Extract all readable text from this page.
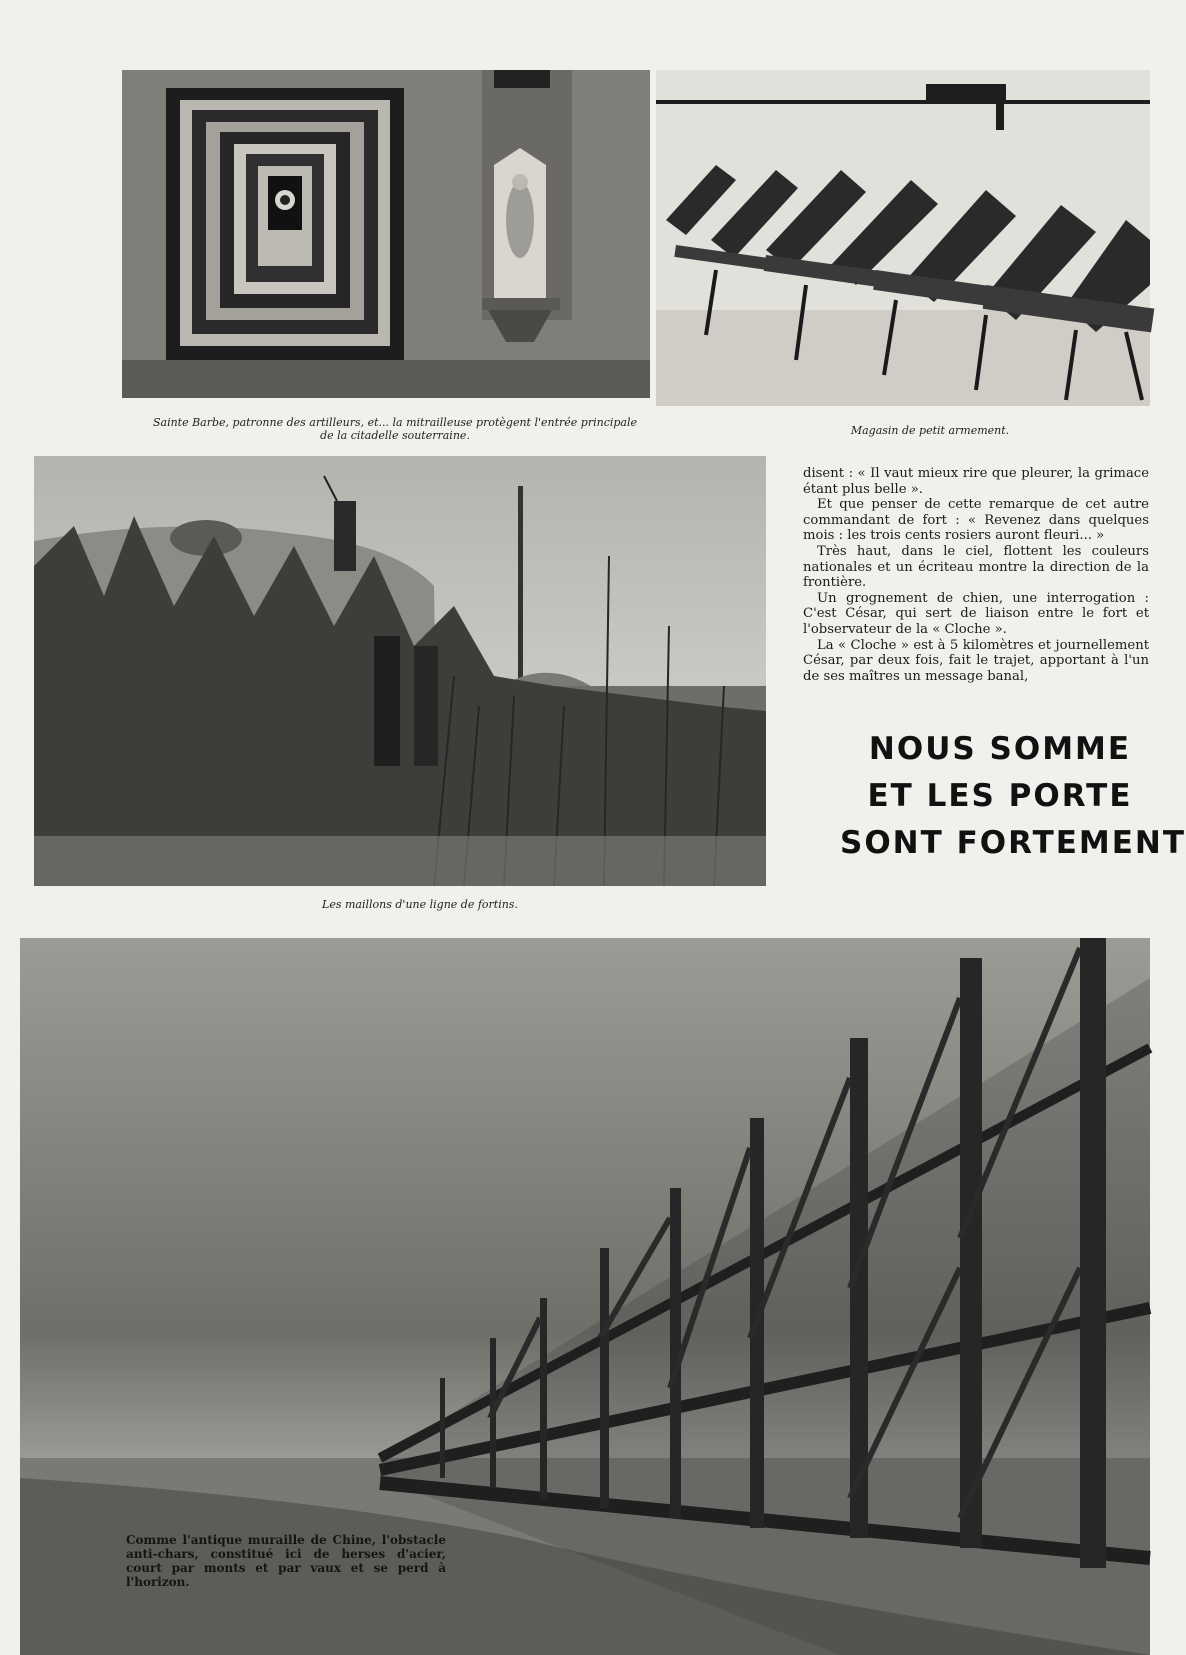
Sainte Barbe, patronne des artilleurs, et... la mitrailleuse protègent l'entrée principale de la citadelle souterraine.	Magasin de petit armement.
Les maillons d'une ligne de fortins.

disent : « Il vaut mieux rire que pleurer, la grimace étant plus belle ».

Et que penser de cette remarque de cet autre commandant de fort : « Revenez dans quelques mois : les trois cents rosiers auront fleuri... »

Très haut, dans le ciel, flottent les couleurs nationales et un écriteau montre la direction de la frontière.

Un grognement de chien, une interrogation : C'est César, qui sert de liaison entre le fort et l'observateur de la « Cloche ».

La « Cloche » est à 5 kilomètres et journellement César, par deux fois, fait le trajet, apportant à l'un de ses maîtres un message banal,

NOUS SOMME
ET LES PORTE
SONT FORTEMENT
Comme l'antique muraille de Chine, l'obstacle anti-chars, constitué ici de herses d'acier, court par monts et par vaux et se perd à l'horizon.
